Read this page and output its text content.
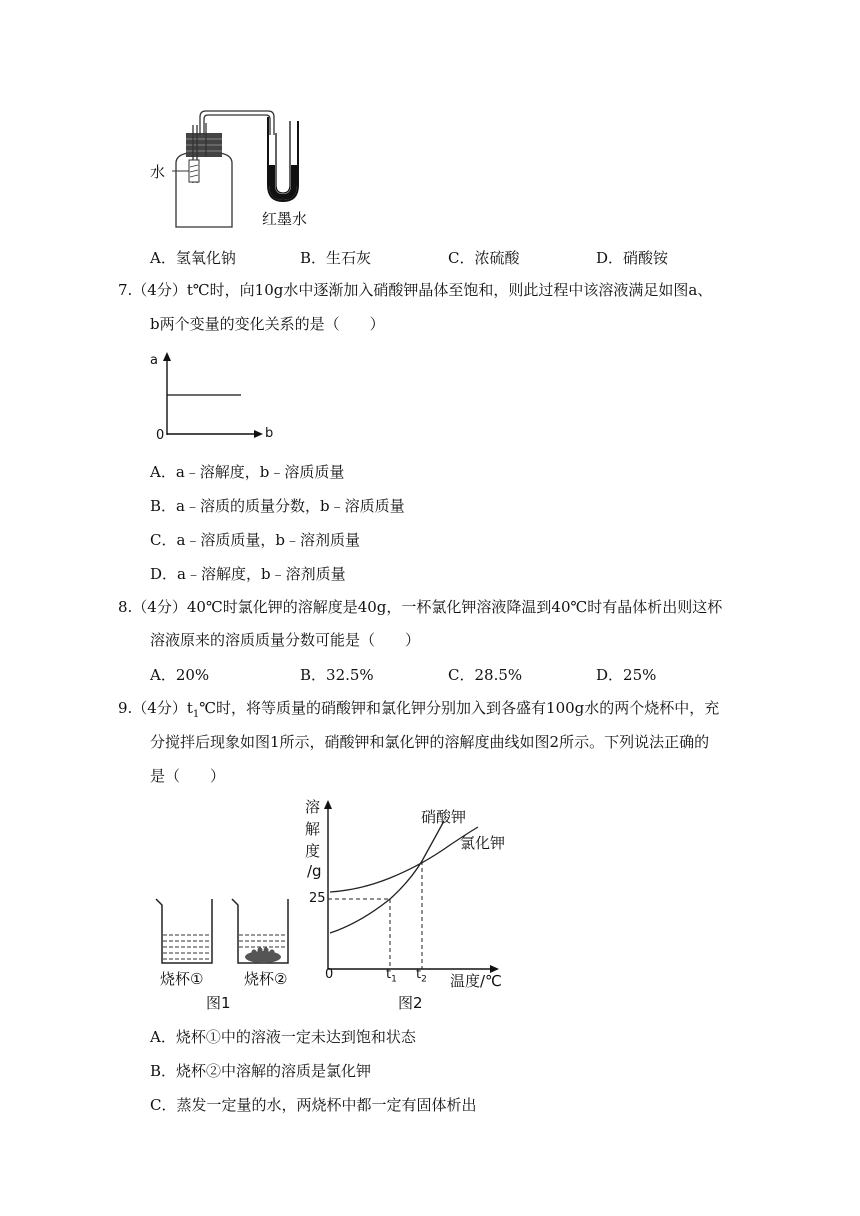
水
红墨水
A．氢氧化钠	B．生石灰	C．浓硫酸	D．硝酸铵
7.（4分）t℃时，向10g水中逐渐加入硝酸钾晶体至饱和，则此过程中该溶液满足如图a、
b两个变量的变化关系的是（　　）
a
b
0
A．a﹣溶解度，b﹣溶质质量
B．a﹣溶质的质量分数，b﹣溶质质量
C．a﹣溶质质量，b﹣溶剂质量
D．a﹣溶解度，b﹣溶剂质量
8.（4分）40℃时氯化钾的溶解度是40g，一杯氯化钾溶液降温到40℃时有晶体析出则这杯
溶液原来的溶质质量分数可能是（　　）
A．20%	B．32.5%	C．28.5%	D．25%
9.（4分）$t_1℃$时，将等质量的硝酸钾和氯化钾分别加入到各盛有100g水的两个烧杯中，充
分搅拌后现象如图1所示，硝酸钾和氯化钾的溶解度曲线如图2所示。下列说法正确的
是（　　）
烧杯①	烧杯②
图1
溶
解
度
/g
25
0	$t_1$ $t_2$ 温度/℃
硝酸钾
氯化钾
图2
A．烧杯①中的溶液一定未达到饱和状态
B．烧杯②中溶解的溶质是氯化钾
C．蒸发一定量的水，两烧杯中都一定有固体析出
